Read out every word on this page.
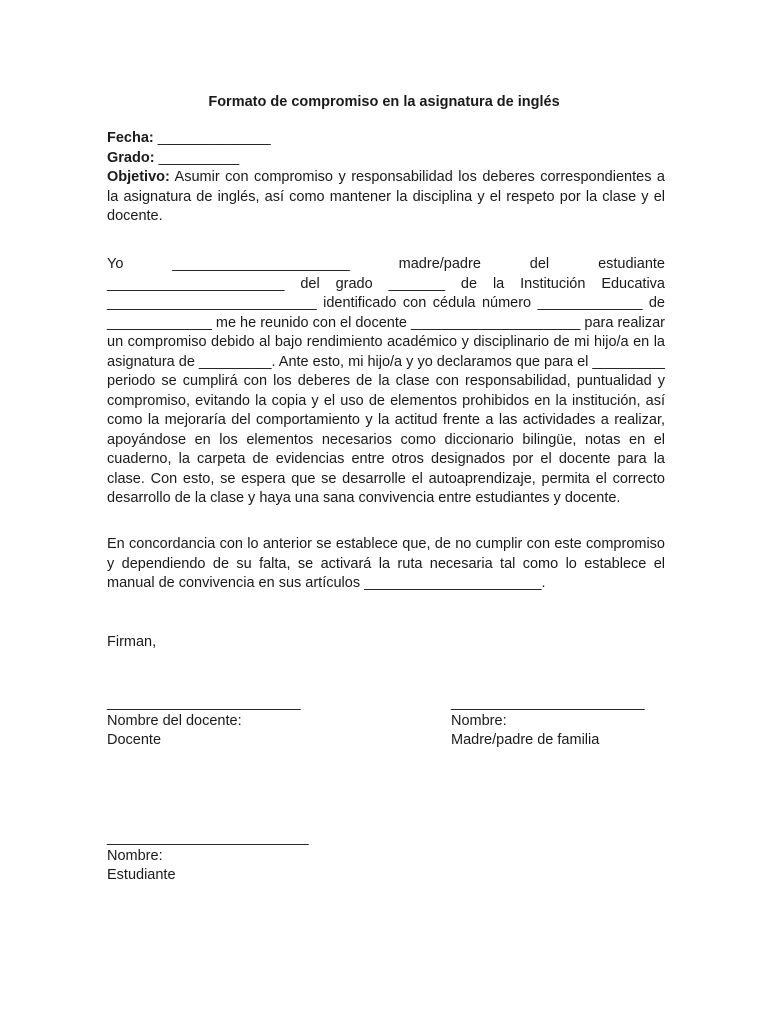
Formato de compromiso en la asignatura de inglés
Fecha: ______________
Grado: __________

Objetivo: Asumir con compromiso y responsabilidad los deberes correspondientes a la asignatura de inglés, así como mantener la disciplina y el respeto por la clase y el docente.

Yo ______________________ madre/padre del estudiante ______________________ del grado _______ de la Institución Educativa __________________________ identificado con cédula número _____________ de _____________ me he reunido con el docente _____________________ para realizar un compromiso debido al bajo rendimiento académico y disciplinario de mi hijo/a en la asignatura de _________. Ante esto, mi hijo/a y yo declaramos que para el _________ periodo se cumplirá con los deberes de la clase con responsabilidad, puntualidad y compromiso, evitando la copia y el uso de elementos prohibidos en la institución, así como la mejoraría del comportamiento y la actitud frente a las actividades a realizar, apoyándose en los elementos necesarios como diccionario bilingüe, notas en el cuaderno, la carpeta de evidencias entre otros designados por el docente para la clase. Con esto, se espera que se desarrolle el autoaprendizaje, permita el correcto desarrollo de la clase y haya una sana convivencia entre estudiantes y docente.

En concordancia con lo anterior se establece que, de no cumplir con este compromiso y dependiendo de su falta, se activará la ruta necesaria tal como lo establece el manual de convivencia en sus artículos ______________________.

Firman,
________________________
Nombre del docente:
Docente
________________________
Nombre:
Madre/padre de familia
_________________________
Nombre:
Estudiante
